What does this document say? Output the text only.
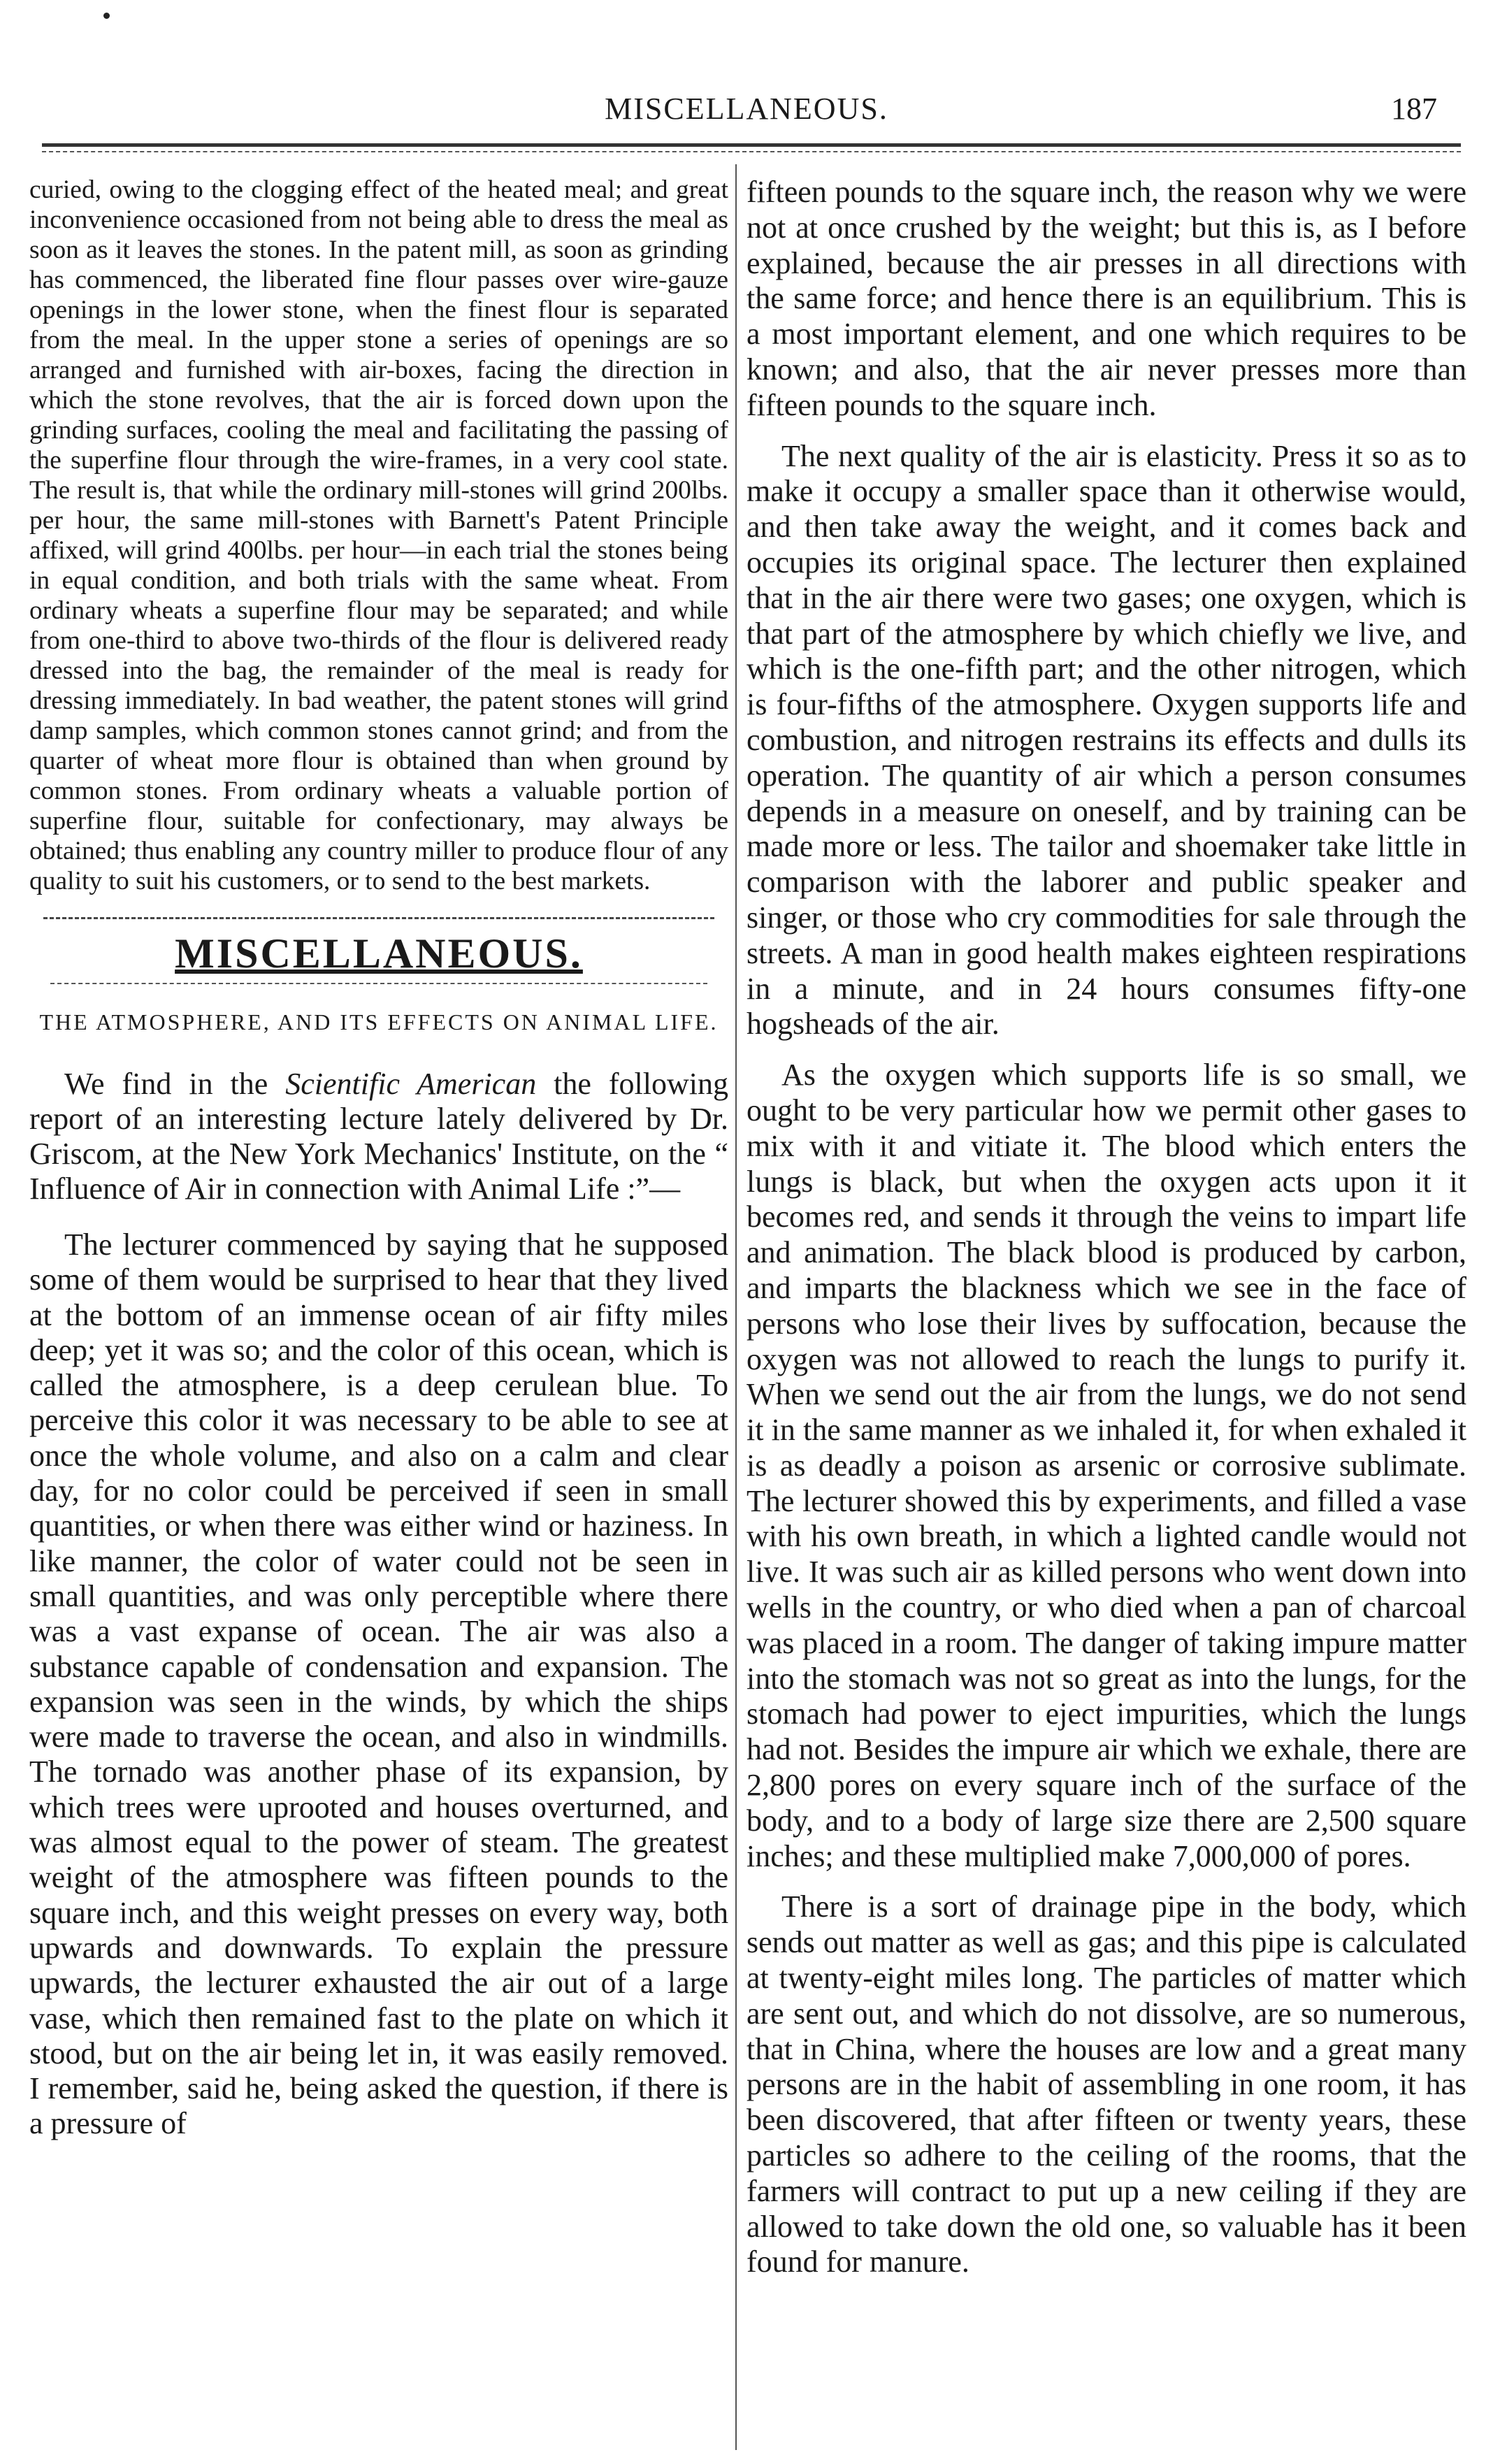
MISCELLANEOUS.	187

curied, owing to the clogging effect of the heated meal; and great inconvenience occasioned from not being able to dress the meal as soon as it leaves the stones. In the patent mill, as soon as grinding has commenced, the liberated fine flour passes over wire-gauze openings in the lower stone, when the finest flour is separated from the meal. In the upper stone a series of openings are so arranged and furnished with air-boxes, facing the direction in which the stone revolves, that the air is forced down upon the grinding surfaces, cooling the meal and facilitating the passing of the superfine flour through the wire-frames, in a very cool state. The result is, that while the ordinary mill-stones will grind 200lbs. per hour, the same mill-stones with Barnett's Patent Principle affixed, will grind 400lbs. per hour—in each trial the stones being in equal condition, and both trials with the same wheat. From ordinary wheats a superfine flour may be separated; and while from one-third to above two-thirds of the flour is delivered ready dressed into the bag, the remainder of the meal is ready for dressing immediately. In bad weather, the patent stones will grind damp samples, which common stones cannot grind; and from the quarter of wheat more flour is obtained than when ground by common stones. From ordinary wheats a valuable portion of superfine flour, suitable for confectionary, may always be obtained; thus enabling any country miller to produce flour of any quality to suit his customers, or to send to the best markets.

MISCELLANEOUS.
THE ATMOSPHERE, AND ITS EFFECTS ON ANIMAL LIFE.

We find in the Scientific American the following report of an interesting lecture lately delivered by Dr. Griscom, at the New York Mechanics' Institute, on the “ Influence of Air in connection with Animal Life :”—

The lecturer commenced by saying that he supposed some of them would be surprised to hear that they lived at the bottom of an immense ocean of air fifty miles deep; yet it was so; and the color of this ocean, which is called the atmosphere, is a deep cerulean blue. To perceive this color it was necessary to be able to see at once the whole volume, and also on a calm and clear day, for no color could be perceived if seen in small quantities, or when there was either wind or haziness. In like manner, the color of water could not be seen in small quantities, and was only perceptible where there was a vast expanse of ocean. The air was also a substance capable of condensation and expansion. The expansion was seen in the winds, by which the ships were made to traverse the ocean, and also in windmills. The tornado was another phase of its expansion, by which trees were uprooted and houses overturned, and was almost equal to the power of steam. The greatest weight of the atmosphere was fifteen pounds to the square inch, and this weight presses on every way, both upwards and downwards. To explain the pressure upwards, the lecturer exhausted the air out of a large vase, which then remained fast to the plate on which it stood, but on the air being let in, it was easily removed. I remember, said he, being asked the question, if there is a pressure of

fifteen pounds to the square inch, the reason why we were not at once crushed by the weight; but this is, as I before explained, because the air presses in all directions with the same force; and hence there is an equilibrium. This is a most important element, and one which requires to be known; and also, that the air never presses more than fifteen pounds to the square inch.

The next quality of the air is elasticity. Press it so as to make it occupy a smaller space than it otherwise would, and then take away the weight, and it comes back and occupies its original space. The lecturer then explained that in the air there were two gases; one oxygen, which is that part of the atmosphere by which chiefly we live, and which is the one-fifth part; and the other nitrogen, which is four-fifths of the atmosphere. Oxygen supports life and combustion, and nitrogen restrains its effects and dulls its operation. The quantity of air which a person consumes depends in a measure on oneself, and by training can be made more or less. The tailor and shoemaker take little in comparison with the laborer and public speaker and singer, or those who cry commodities for sale through the streets. A man in good health makes eighteen respirations in a minute, and in 24 hours consumes fifty-one hogsheads of the air.

As the oxygen which supports life is so small, we ought to be very particular how we permit other gases to mix with it and vitiate it. The blood which enters the lungs is black, but when the oxygen acts upon it it becomes red, and sends it through the veins to impart life and animation. The black blood is produced by carbon, and imparts the blackness which we see in the face of persons who lose their lives by suffocation, because the oxygen was not allowed to reach the lungs to purify it. When we send out the air from the lungs, we do not send it in the same manner as we inhaled it, for when exhaled it is as deadly a poison as arsenic or corrosive sublimate. The lecturer showed this by experiments, and filled a vase with his own breath, in which a lighted candle would not live. It was such air as killed persons who went down into wells in the country, or who died when a pan of charcoal was placed in a room. The danger of taking impure matter into the stomach was not so great as into the lungs, for the stomach had power to eject impurities, which the lungs had not. Besides the impure air which we exhale, there are 2,800 pores on every square inch of the surface of the body, and to a body of large size there are 2,500 square inches; and these multiplied make 7,000,000 of pores.

There is a sort of drainage pipe in the body, which sends out matter as well as gas; and this pipe is calculated at twenty-eight miles long. The particles of matter which are sent out, and which do not dissolve, are so numerous, that in China, where the houses are low and a great many persons are in the habit of assembling in one room, it has been discovered, that after fifteen or twenty years, these particles so adhere to the ceiling of the rooms, that the farmers will contract to put up a new ceiling if they are allowed to take down the old one, so valuable has it been found for manure.
